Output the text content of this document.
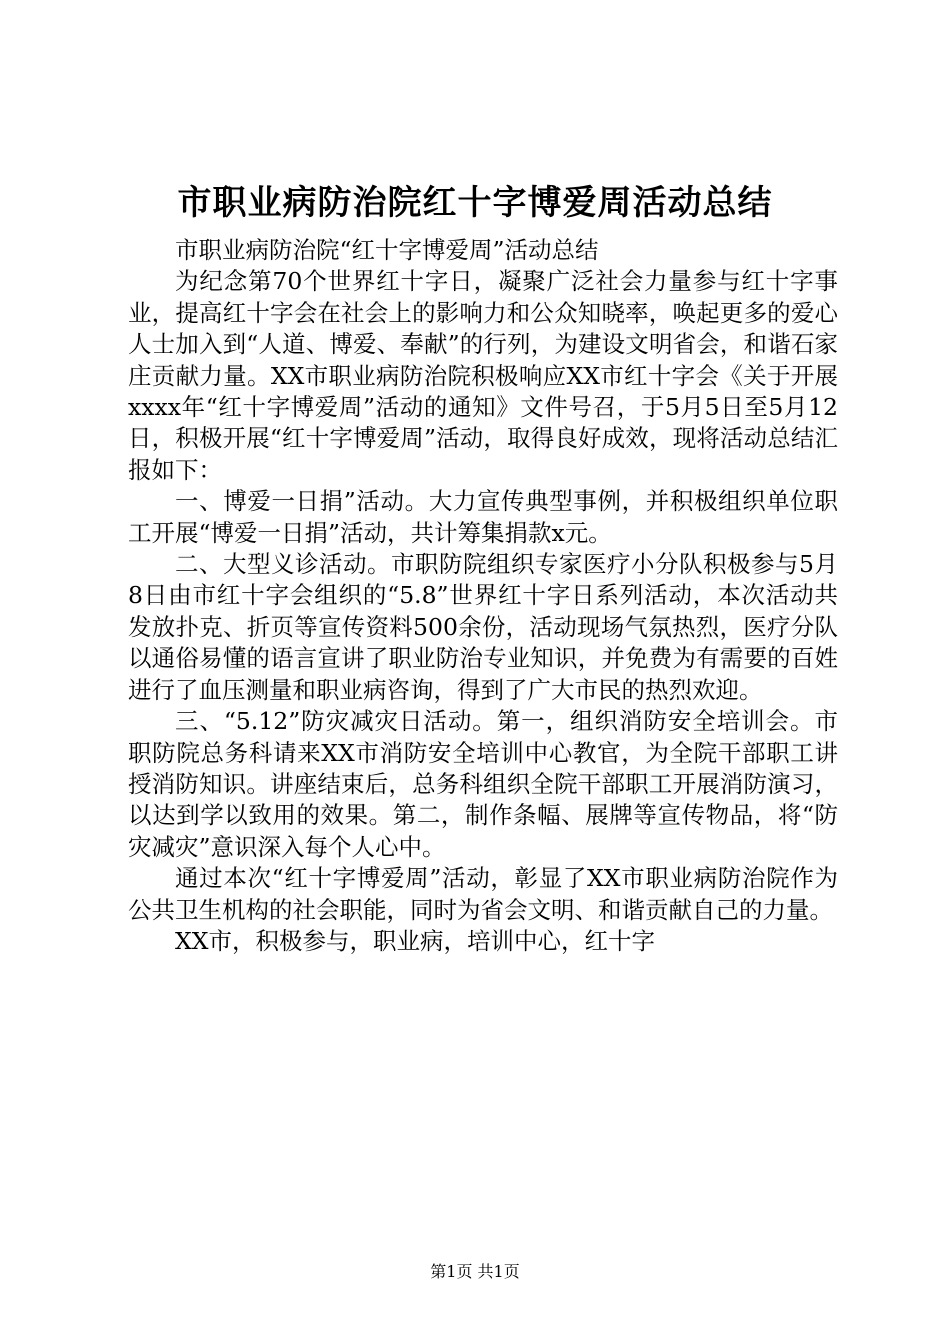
市职业病防治院红十字博爱周活动总结

市职业病防治院“红十字博爱周”活动总结

为纪念第70个世界红十字日，凝聚广泛社会力量参与红十字事业，提高红十字会在社会上的影响力和公众知晓率，唤起更多的爱心人士加入到“人道、博爱、奉献”的行列，为建设文明省会，和谐石家庄贡献力量。XX市职业病防治院积极响应XX市红十字会《关于开展xxxx年“红十字博爱周”活动的通知》文件号召，于5月5日至5月12日，积极开展“红十字博爱周”活动，取得良好成效，现将活动总结汇报如下：

一、博爱一日捐”活动。大力宣传典型事例，并积极组织单位职工开展“博爱一日捐”活动，共计筹集捐款x元。

二、大型义诊活动。市职防院组织专家医疗小分队积极参与5月8日由市红十字会组织的“5.8”世界红十字日系列活动，本次活动共发放扑克、折页等宣传资料500余份，活动现场气氛热烈，医疗分队以通俗易懂的语言宣讲了职业防治专业知识，并免费为有需要的百姓进行了血压测量和职业病咨询，得到了广大市民的热烈欢迎。

三、“5.12”防灾减灾日活动。第一，组织消防安全培训会。市职防院总务科请来XX市消防安全培训中心教官，为全院干部职工讲授消防知识。讲座结束后，总务科组织全院干部职工开展消防演习，以达到学以致用的效果。第二，制作条幅、展牌等宣传物品，将“防灾减灾”意识深入每个人心中。

通过本次“红十字博爱周”活动，彰显了XX市职业病防治院作为公共卫生机构的社会职能，同时为省会文明、和谐贡献自己的力量。

XX市，积极参与，职业病，培训中心，红十字

第1页 共1页
